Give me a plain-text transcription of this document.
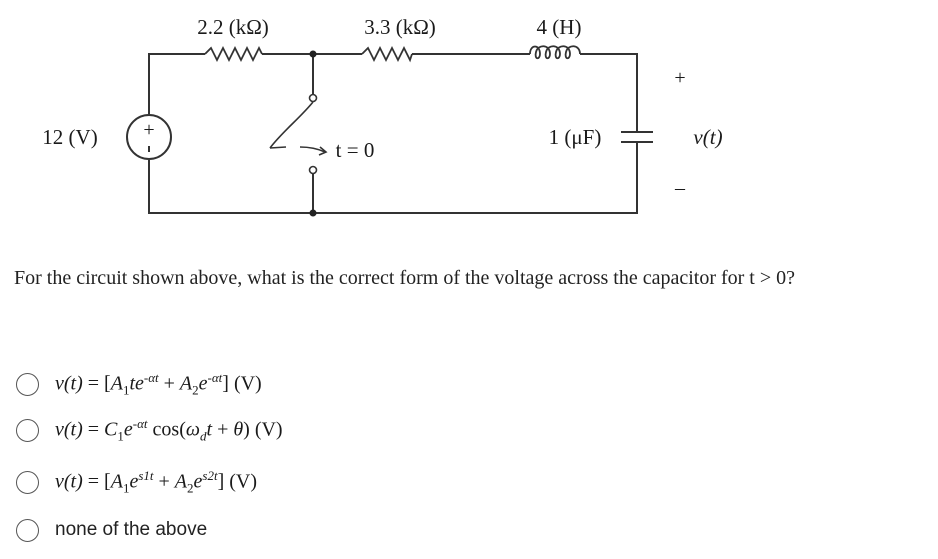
+
2.2 (kΩ)	3.3 (kΩ)	4 (H)
12 (V)	1 (μF)
t = 0
+
v(t)
–
For the circuit shown above, what is the correct form of the voltage across the capacitor for t > 0?
$v(t) = [A_1te^{-\alpha t} + A_2e^{-\alpha t}]$ (V)
$v(t) = C_1e^{-\alpha t}$ $\cos(\omega_dt + \theta)$ (V)
$v(t) = [A_1e^{s1t} + A_2e^{s2t}]$ (V)
none of the above
